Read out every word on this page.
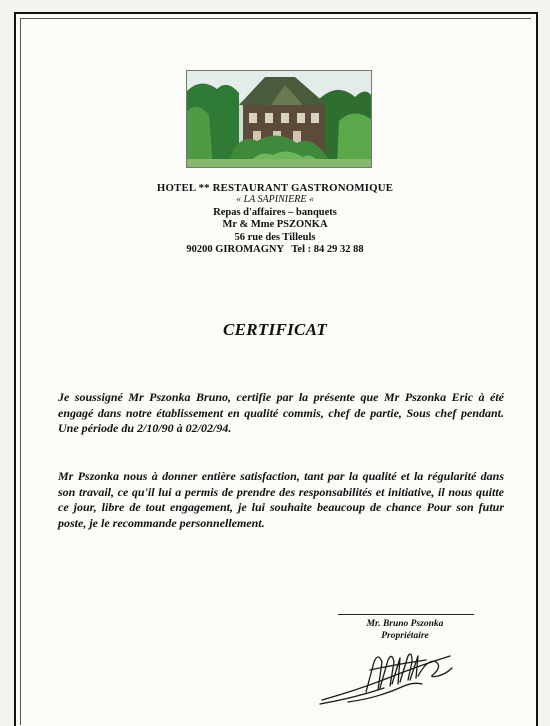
HOTEL ** RESTAURANT GASTRONOMIQUE
« LA SAPINIERE «
Repas d'affaires – banquets
Mr & Mme PSZONKA
56 rue des Tilleuls
90200 GIROMAGNY   Tel : 84 29 32 88
CERTIFICAT
Je soussigné Mr Pszonka Bruno, certifie par la présente que Mr Pszonka Eric à été engagé dans notre établissement en qualité commis, chef de partie, Sous chef pendant. Une période du 2/10/90 à 02/02/94.
Mr Pszonka nous à donner entière satisfaction, tant par la qualité et la régularité dans son travail, ce qu'il lui a permis de prendre des responsabilités et initiative, il nous quitte ce jour, libre de tout engagement, je lui souhaite beaucoup de chance Pour son futur poste, je le recommande personnellement.
Mr. Bruno Pszonka
Propriétaire
